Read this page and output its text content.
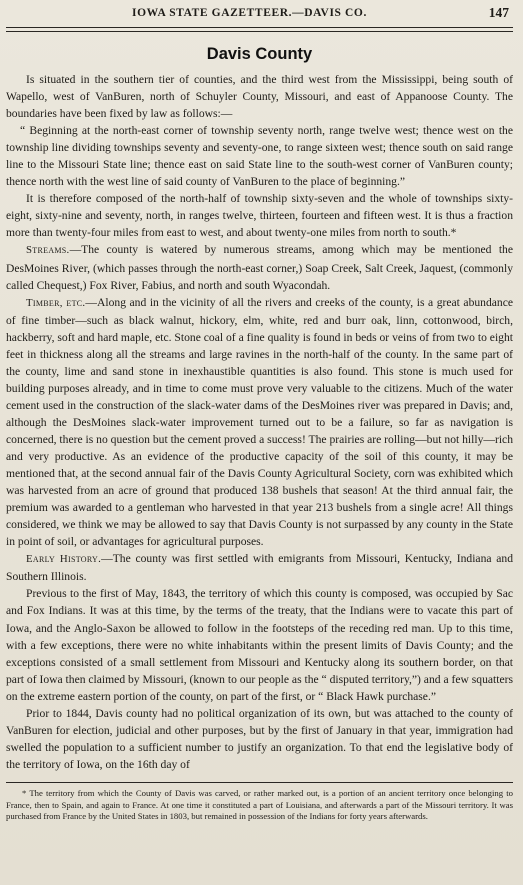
IOWA STATE GAZETTEER.—DAVIS CO.	147
Davis County

Is situated in the southern tier of counties, and the third west from the Mississippi, being south of Wapello, west of VanBuren, north of Schuyler County, Missouri, and east of Appanoose County. The boundaries have been fixed by law as follows:—

“ Beginning at the north-east corner of township seventy north, range twelve west; thence west on the township line dividing townships seventy and seventy-one, to range sixteen west; thence south on said range line to the Missouri State line; thence east on said State line to the south-west corner of VanBuren county; thence north with the west line of said county of VanBuren to the place of beginning.”

It is therefore composed of the north-half of township sixty-seven and the whole of townships sixty-eight, sixty-nine and seventy, north, in ranges twelve, thirteen, fourteen and fifteen west. It is thus a fraction more than twenty-four miles from east to west, and about twenty-one miles from north to south.*

Streams.—The county is watered by numerous streams, among which may be mentioned the DesMoines River, (which passes through the north-east corner,) Soap Creek, Salt Creek, Jaquest, (commonly called Chequest,) Fox River, Fabius, and north and south Wyacondah.

Timber, etc.—Along and in the vicinity of all the rivers and creeks of the county, is a great abundance of fine timber—such as black walnut, hickory, elm, white, red and burr oak, linn, cottonwood, birch, hackberry, soft and hard maple, etc. Stone coal of a fine quality is found in beds or veins of from two to eight feet in thickness along all the streams and large ravines in the north-half of the county. In the same part of the county, lime and sand stone in inexhaustible quantities is also found. This stone is much used for building purposes already, and in time to come must prove very valuable to the citizens. Much of the water cement used in the construction of the slack-water dams of the DesMoines river was prepared in Davis; and, although the DesMoines slack-water improvement turned out to be a failure, so far as navigation is concerned, there is no question but the cement proved a success! The prairies are rolling—but not hilly—rich and very productive. As an evidence of the productive capacity of the soil of this county, it may be mentioned that, at the second annual fair of the Davis County Agricultural Society, corn was exhibited which was harvested from an acre of ground that produced 138 bushels that season! At the third annual fair, the premium was awarded to a gentleman who harvested in that year 213 bushels from a single acre! All things considered, we think we may be allowed to say that Davis County is not surpassed by any county in the State in point of soil, or advantages for agricultural purposes.

Early History.—The county was first settled with emigrants from Missouri, Kentucky, Indiana and Southern Illinois.

Previous to the first of May, 1843, the territory of which this county is composed, was occupied by Sac and Fox Indians. It was at this time, by the terms of the treaty, that the Indians were to vacate this part of Iowa, and the Anglo-Saxon be allowed to follow in the footsteps of the receding red man. Up to this time, with a few exceptions, there were no white inhabitants within the present limits of Davis County; and the exceptions consisted of a small settlement from Missouri and Kentucky along its southern border, on that part of Iowa then claimed by Missouri, (known to our people as the “ disputed territory,”) and a few squatters on the extreme eastern portion of the county, on part of the first, or “ Black Hawk purchase.”

Prior to 1844, Davis county had no political organization of its own, but was attached to the county of VanBuren for election, judicial and other purposes, but by the first of January in that year, immigration had swelled the population to a sufficient number to justify an organization. To that end the legislative body of the territory of Iowa, on the 16th day of

* The territory from which the County of Davis was carved, or rather marked out, is a portion of an ancient territory once belonging to France, then to Spain, and again to France. At one time it constituted a part of Louisiana, and afterwards a part of the Missouri territory. It was purchased from France by the United States in 1803, but remained in possession of the Indians for forty years afterwards.
